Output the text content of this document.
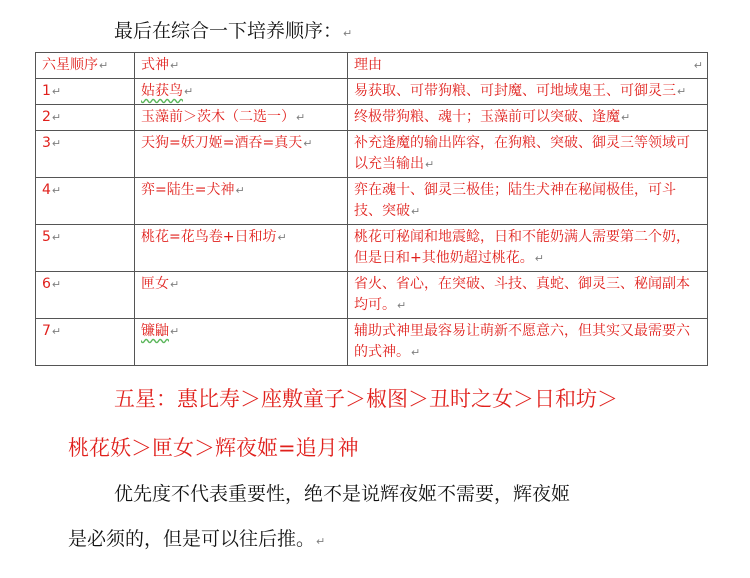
最后在综合一下培养顺序：↵
六星顺序↵	式神↵	理由 ↵

1↵	姑获鸟↵	易获取、可带狗粮、可封魔、可地域鬼王、可御灵三↵
2↵	玉藻前＞茨木（二选一）↵	终极带狗粮、魂十；玉藻前可以突破、逢魔↵
3↵	天狗=妖刀姬=酒吞=真天↵	补充逢魔的输出阵容，在狗粮、突破、御灵三等领域可以充当输出↵
4↵	弈=陆生=犬神↵	弈在魂十、御灵三极佳；陆生犬神在秘闻极佳，可斗技、突破↵
5↵	桃花=花鸟卷+日和坊↵	桃花可秘闻和地震鲶，日和不能奶满人需要第二个奶，但是日和+其他奶超过桃花。↵
6↵	匣女↵	省火、省心，在突破、斗技、真蛇、御灵三、秘闻副本均可。↵
7↵	镰鼬↵	辅助式神里最容易让萌新不愿意六，但其实又最需要六的式神。↵
五星：惠比寿＞座敷童子＞椒图＞丑时之女＞日和坊＞
桃花妖＞匣女＞辉夜姬=追月神
优先度不代表重要性，绝不是说辉夜姬不需要，辉夜姬
是必须的，但是可以往后推。↵
